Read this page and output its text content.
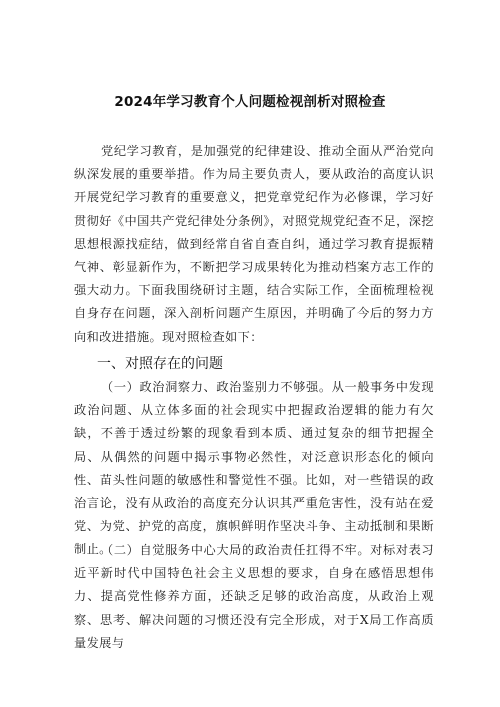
2024年学习教育个人问题检视剖析对照检查
党纪学习教育，是加强党的纪律建设、推动全面从严治党向纵深发展的重要举措。作为局主要负责人，要从政治的高度认识开展党纪学习教育的重要意义，把党章党纪作为必修课，学习好贯彻好《中国共产党纪律处分条例》，对照党规党纪查不足，深挖思想根源找症结，做到经常自省自查自纠，通过学习教育提振精气神、彰显新作为，不断把学习成果转化为推动档案方志工作的强大动力。下面我围绕研讨主题，结合实际工作，全面梳理检视自身存在问题，深入剖析问题产生原因，并明确了今后的努力方向和改进措施。现对照检查如下：
一、对照存在的问题
（一）政治洞察力、政治鉴别力不够强。从一般事务中发现政治问题、从立体多面的社会现实中把握政治逻辑的能力有欠缺，不善于透过纷繁的现象看到本质、通过复杂的细节把握全局、从偶然的问题中揭示事物必然性，对泛意识形态化的倾向性、苗头性问题的敏感性和警觉性不强。比如，对一些错误的政治言论，没有从政治的高度充分认识其严重危害性，没有站在爱党、为党、护党的高度，旗帜鲜明作坚决斗争、主动抵制和果断制止。
（二）自觉服务中心大局的政治责任扛得不牢。对标对表习近平新时代中国特色社会主义思想的要求，自身在感悟思想伟力、提高党性修养方面，还缺乏足够的政治高度，从政治上观察、思考、解决问题的习惯还没有完全形成，对于X局工作高质量发展与
